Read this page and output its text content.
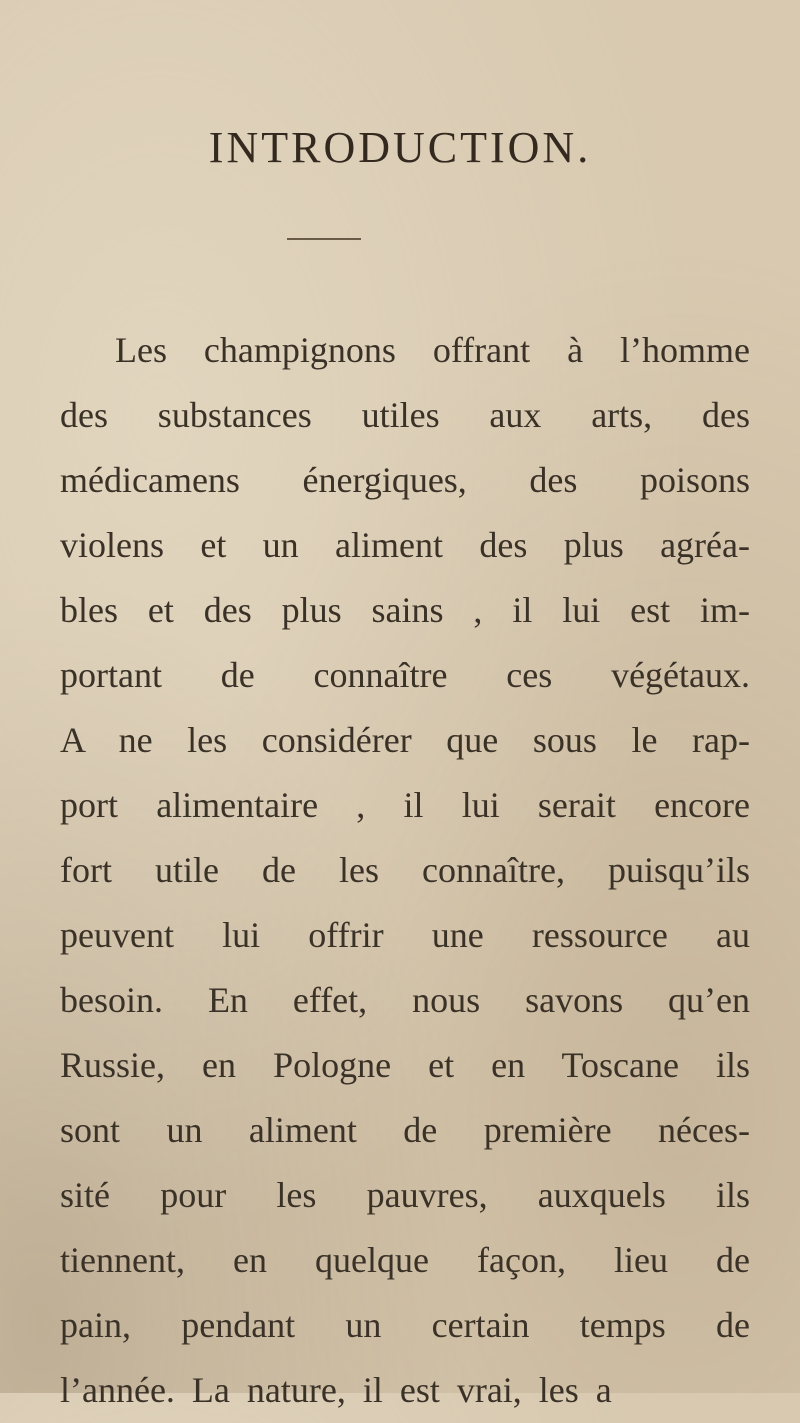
INTRODUCTION.
Les champignons offrant à l’homme
des substances utiles aux arts, des
médicamens énergiques, des poisons
violens et un aliment des plus agréa-
bles et des plus sains , il lui est im-
portant de connaître ces végétaux.
A ne les considérer que sous le rap-
port alimentaire , il lui serait encore
fort utile de les connaître, puisqu’ils
peuvent lui offrir une ressource au
besoin. En effet, nous savons qu’en
Russie, en Pologne et en Toscane ils
sont un aliment de première néces-
sité pour les pauvres, auxquels ils
tiennent, en quelque façon, lieu de
pain, pendant un certain temps de
l’année. La nature, il est vrai, les a
